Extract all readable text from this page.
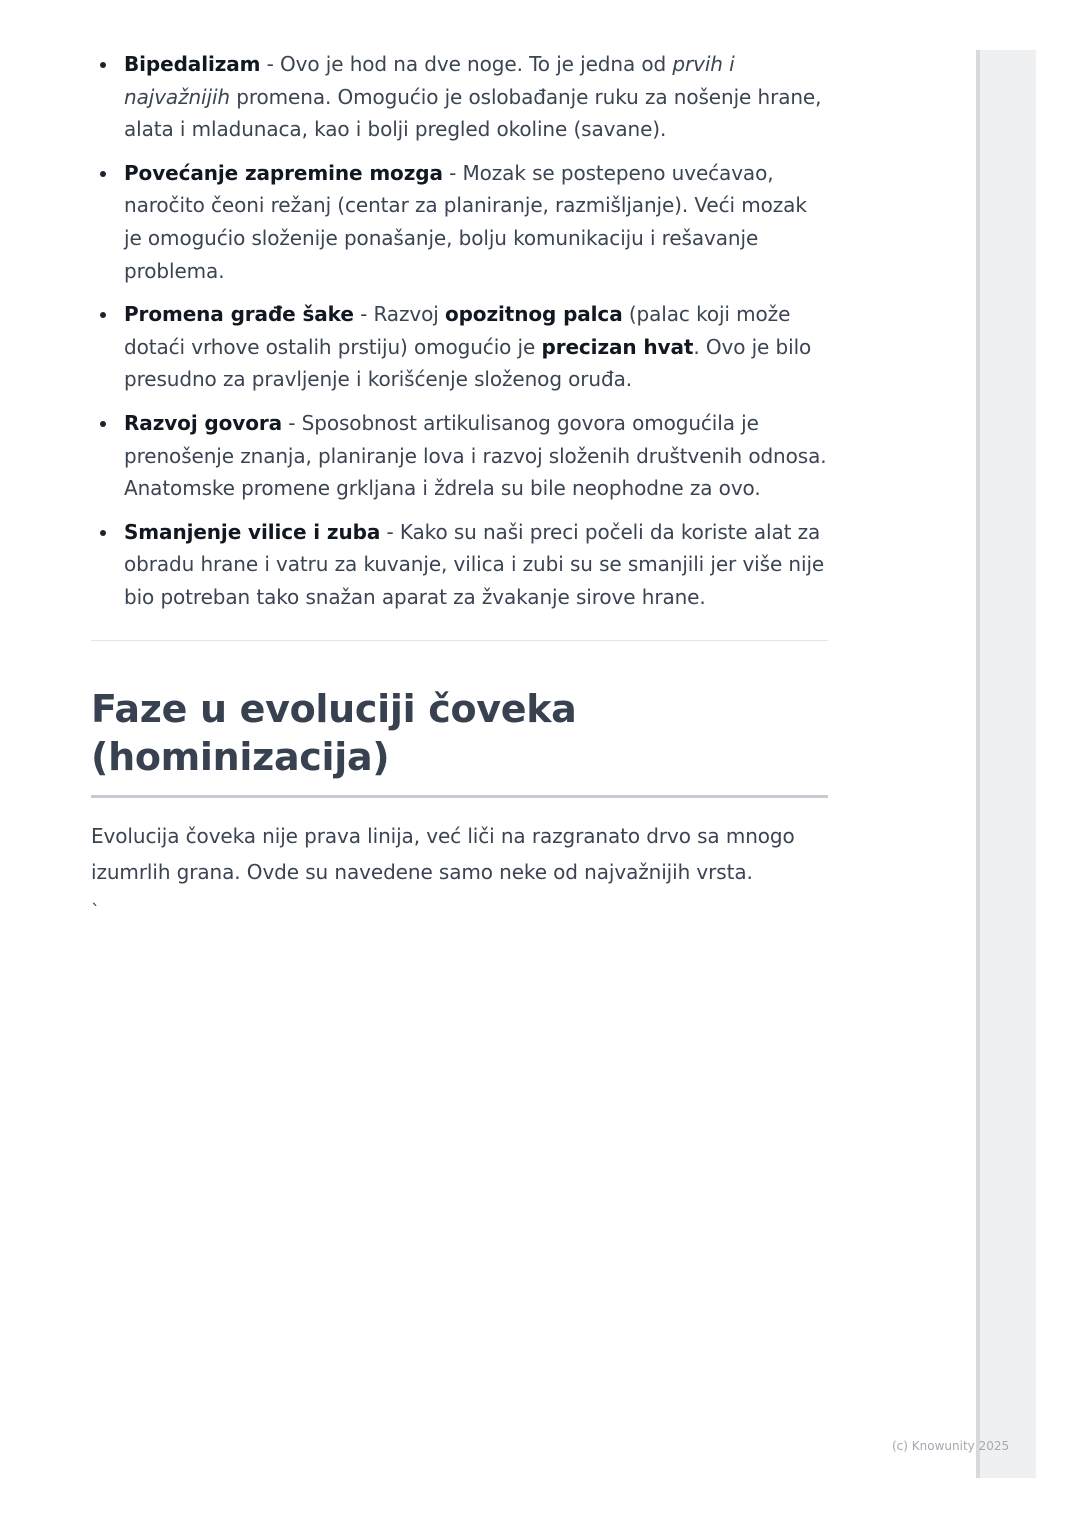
Bipedalizam - Ovo je hod na dve noge. To je jedna od prvih i najvažnijih promena. Omogućio je oslobađanje ruku za nošenje hrane, alata i mladunaca, kao i bolji pregled okoline (savane).
Povećanje zapremine mozga - Mozak se postepeno uvećavao, naročito čeoni režanj (centar za planiranje, razmišljanje). Veći mozak je omogućio složenije ponašanje, bolju komunikaciju i rešavanje problema.
Promena građe šake - Razvoj opozitnog palca (palac koji može dotaći vrhove ostalih prstiju) omogućio je precizan hvat. Ovo je bilo presudno za pravljenje i korišćenje složenog oruđa.
Razvoj govora - Sposobnost artikulisanog govora omogućila je prenošenje znanja, planiranje lova i razvoj složenih društvenih odnosa. Anatomske promene grkljana i ždrela su bile neophodne za ovo.
Smanjenje vilice i zuba - Kako su naši preci počeli da koriste alat za obradu hrane i vatru za kuvanje, vilica i zubi su se smanjili jer više nije bio potreban tako snažan aparat za žvakanje sirove hrane.
Faze u evoluciji čoveka
(hominizacija)

Evolucija čoveka nije prava linija, već liči na razgranato drvo sa mnogo izumrlih grana. Ovde su navedene samo neke od najvažnijih vrsta.

`
(c) Knowunity 2025
